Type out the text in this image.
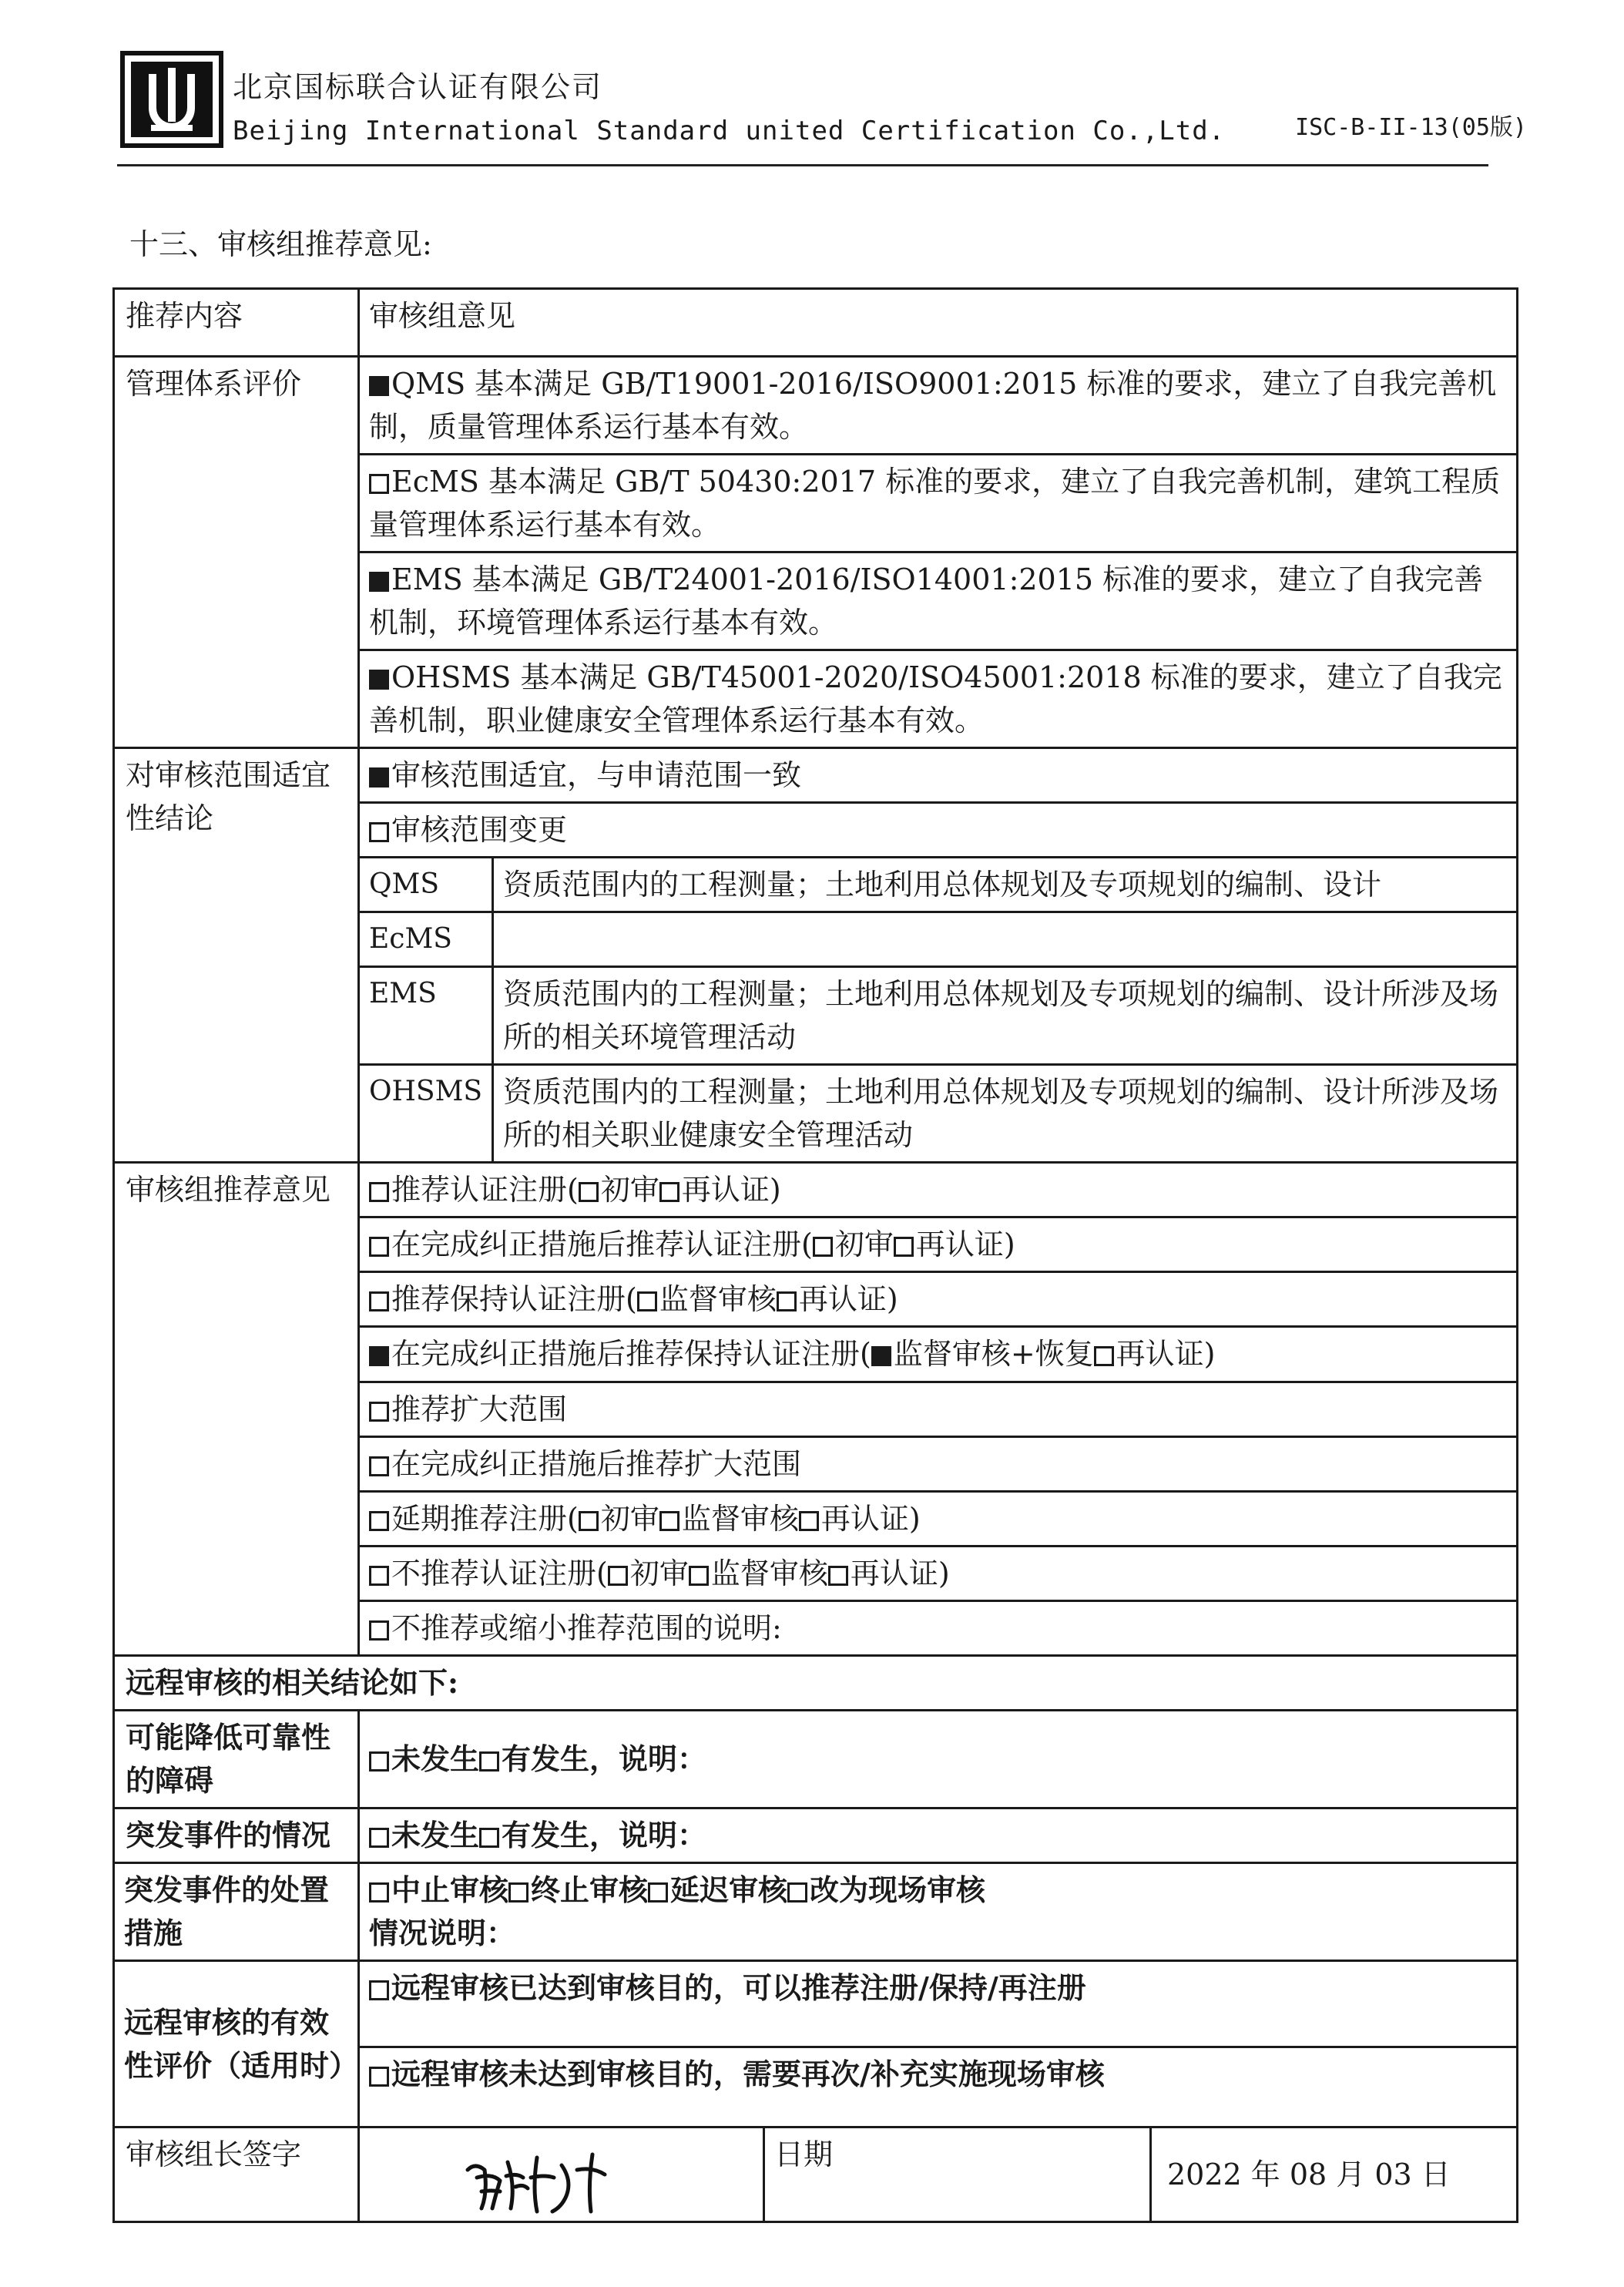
北京国标联合认证有限公司
Beijing International Standard united Certification Co.,Ltd.	ISC-B-II-13(05版)
十三、审核组推荐意见:
推荐内容	审核组意见			
管理体系评价	QMS 基本满足 GB/T19001-2016/ISO9001:2015 标准的要求，建立了自我完善机制，质量管理体系运行基本有效。			
	EcMS 基本满足 GB/T 50430:2017 标准的要求，建立了自我完善机制，建筑工程质量管理体系运行基本有效。			
	EMS 基本满足 GB/T24001-2016/ISO14001:2015 标准的要求，建立了自我完善机制，环境管理体系运行基本有效。			
	OHSMS 基本满足 GB/T45001-2020/ISO45001:2018 标准的要求，建立了自我完善机制，职业健康安全管理体系运行基本有效。			
对审核范围适宜性结论	审核范围适宜，与申请范围一致			
	审核范围变更			
	QMS	资质范围内的工程测量；土地利用总体规划及专项规划的编制、设计		
	EcMS			
	EMS	资质范围内的工程测量；土地利用总体规划及专项规划的编制、设计所涉及场所的相关环境管理活动		
	OHSMS	资质范围内的工程测量；土地利用总体规划及专项规划的编制、设计所涉及场所的相关职业健康安全管理活动		
审核组推荐意见	推荐认证注册( 初审 再认证)			
	在完成纠正措施后推荐认证注册( 初审 再认证)			
	推荐保持认证注册( 监督审核 再认证)			
	在完成纠正措施后推荐保持认证注册( 监督审核+恢复 再认证)			
	推荐扩大范围			
	在完成纠正措施后推荐扩大范围			
	延期推荐注册( 初审 监督审核 再认证)			
	不推荐认证注册( 初审 监督审核 再认证)			
	不推荐或缩小推荐范围的说明:			
远程审核的相关结论如下:				
可能降低可靠性的障碍	未发生 有发生，说明：			
突发事件的情况	未发生 有发生，说明：			
突发事件的处置措施	中止审核 终止审核 延迟审核 改为现场审核
情况说明：			
远程审核的有效性评价（适用时）	远程审核已达到审核目的，可以推荐注册/保持/再注册			
	远程审核未达到审核目的，需要再次/补充实施现场审核			
审核组长签字			日期	2022 年 08 月 03 日
